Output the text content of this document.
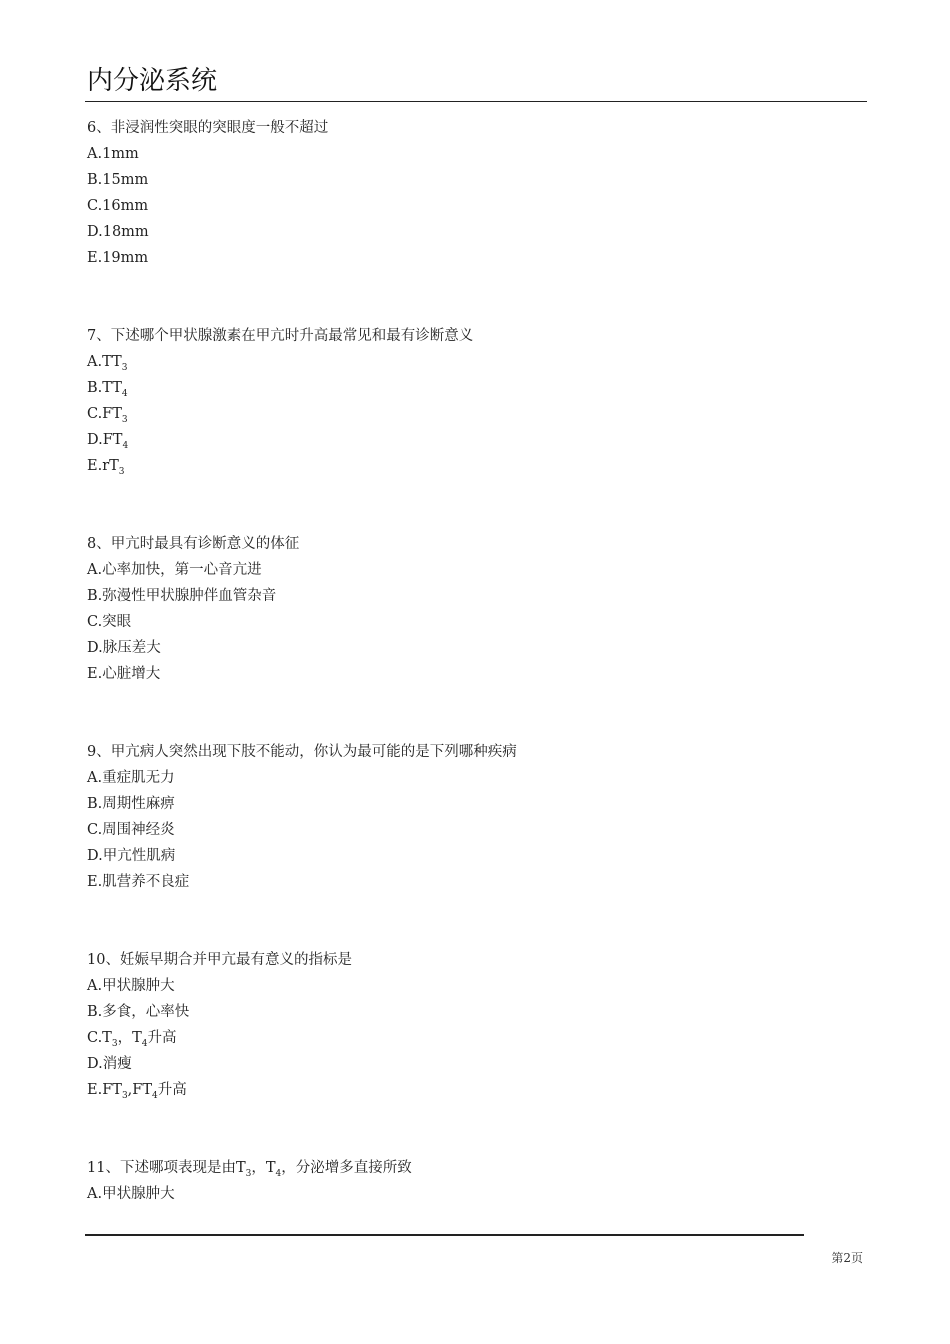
内分泌系统
6、非浸润性突眼的突眼度一般不超过
A.1mm
B.15mm
C.16mm
D.18mm
E.19mm
7、下述哪个甲状腺激素在甲亢时升高最常见和最有诊断意义
$A.TT_3$
$B.TT_4$
$C.FT_3$
$D.FT_4$
$E.rT_3$
8、甲亢时最具有诊断意义的体征
A.心率加快，第一心音亢进
B.弥漫性甲状腺肿伴血管杂音
C.突眼
D.脉压差大
E.心脏增大
9、甲亢病人突然出现下肢不能动，你认为最可能的是下列哪种疾病
A.重症肌无力
B.周期性麻痹
C.周围神经炎
D.甲亢性肌病
E.肌营养不良症
10、妊娠早期合并甲亢最有意义的指标是
A.甲状腺肿大
B.多食，心率快
$C.T_3$，$T_4$升高
D.消瘦
$E.FT_3,FT_4$升高
11、下述哪项表现是由$T_3$，$T_4$，分泌增多直接所致
A.甲状腺肿大
第2页
